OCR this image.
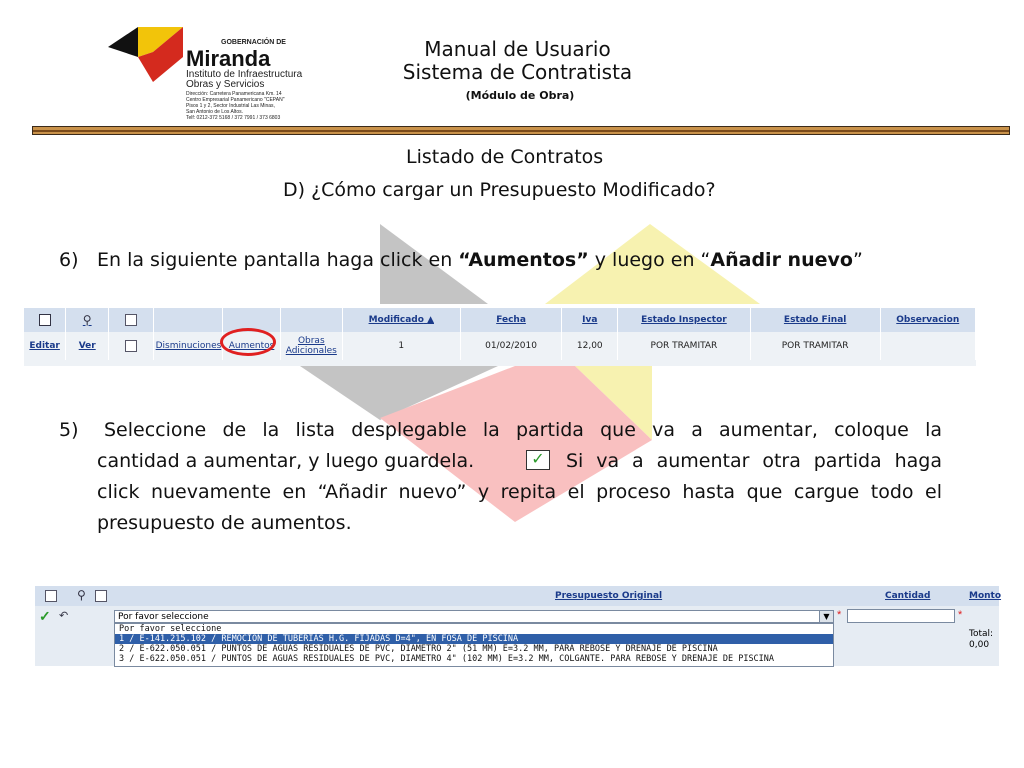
GOBERNACIÓN DE
Miranda
Instituto de Infraestructura
Obras y Servicios
Dirección: Carretera Panamericana Km. 14
Centro Empresarial Panamericano "CEPAN"
Pisos 1 y 2, Sector Industrial Las Minas,
San Antonio de Los Altos.
Telf: 0212-372 5168 / 372 7991 / 373 6803
Manual de Usuario
Sistema de Contratista
(Módulo de Obra)
Listado de Contratos
D) ¿Cómo cargar un Presupuesto Modificado?
6) En la siguiente pantalla haga click en “Aumentos” y luego en “Añadir nuevo”
	⚲					Modificado ▲	Fecha	Iva	Estado Inspector	Estado Final	Observacion
Editar	Ver		Disminuciones	Aumentos	Obras Adicionales	1	01/02/2010	12,00	POR TRAMITAR	POR TRAMITAR	
5) Seleccione de la lista desplegable la partida que va a aumentar, coloque la
cantidad a aumentar, y luego guardela.	✓ Si va a aumentar otra partida haga
click nuevamente en “Añadir nuevo” y repita el proceso hasta que cargue todo el
presupuesto de aumentos.
⚲	Presupuesto Original	Cantidad	Monto
✓ ↶	*	*
Total:
0,00
Por favor seleccione	▼
Por favor seleccione
1 / E-141.215.102 / REMOCION DE TUBERIAS H.G. FIJADAS D=4", EN FOSA DE PISCINA
2 / E-622.050.051 / PUNTOS DE AGUAS RESIDUALES DE PVC, DIAMETRO 2" (51 MM) E=3.2 MM, PARA REBOSE Y DRENAJE DE PISCINA
3 / E-622.050.051 / PUNTOS DE AGUAS RESIDUALES DE PVC, DIAMETRO 4" (102 MM) E=3.2 MM, COLGANTE. PARA REBOSE Y DRENAJE DE PISCINA
